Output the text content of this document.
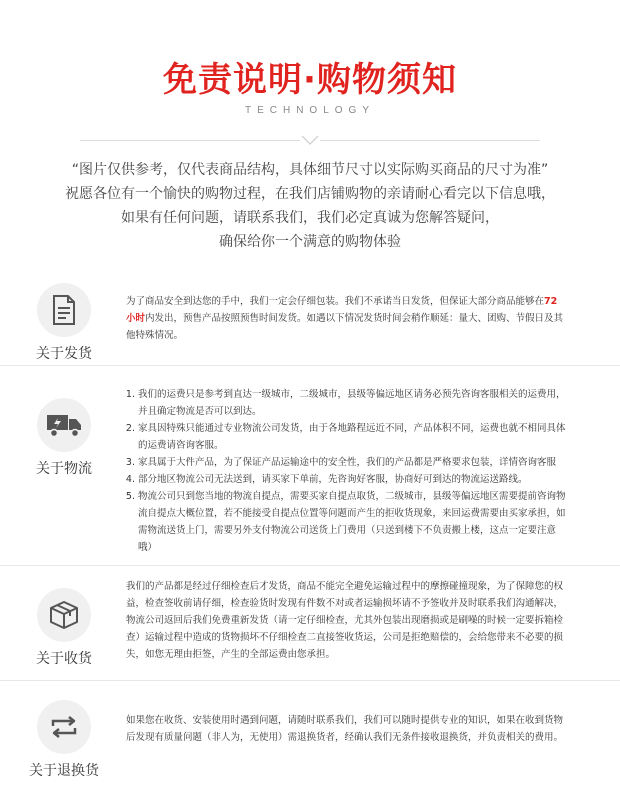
免责说明·购物须知
TECHNOLOGY
“图片仅供参考，仅代表商品结构，具体细节尺寸以实际购买商品的尺寸为准”
祝愿各位有一个愉快的购物过程，在我们店铺购物的亲请耐心看完以下信息哦，
如果有任何问题，请联系我们，我们必定真诚为您解答疑问，
确保给你一个满意的购物体验
关于发货
为了商品安全到达您的手中，我们一定会仔细包装。我们不承诺当日发货，但保证大部分商品能够在72小时内发出，预售产品按照预售时间发货。如遇以下情况发货时间会稍作顺延：量大、团购、节假日及其他特殊情况。
关于物流
1. 我们的运费只是参考到直达一级城市，二级城市，县级等偏远地区请务必预先咨询客服相关的运费用，并且确定物流是否可以到达。
2. 家具因特殊只能通过专业物流公司发货，由于各地路程远近不同，产品体积不同，运费也就不相同具体的运费请咨询客服。
3. 家具属于大件产品，为了保证产品运输途中的安全性，我们的产品都是严格要求包装，详情咨询客服
4. 部分地区物流公司无法送到，请买家下单前，先咨询好客服，协商好可到达的物流运送路线。
5. 物流公司只到您当地的物流自提点，需要买家自提点取货，二级城市，县级等偏远地区需要提前咨询物流自提点大概位置，若不能接受自提点位置等问题而产生的拒收货现象，来回运费需要由买家承担，如需物流送货上门，需要另外支付物流公司送货上门费用（只送到楼下不负责搬上楼，这点一定要注意哦）
关于收货
我们的产品都是经过仔细检查后才发货，商品不能完全避免运输过程中的摩擦碰撞现象，为了保障您的权益，检查签收前请仔细，检查验货时发现有件数不对或者运输损坏请不予签收并及时联系我们沟通解决，物流公司返回后我们免费重新发货（请一定仔细检查，尤其外包装出现磨损或是刷噪的时候一定要拆箱检查）运输过程中造成的货物损坏不仔细检查二直接签收货运，公司是拒绝赔偿的，会给您带来不必要的损失，如您无理由拒签，产生的全部运费由您承担。
关于退换货
如果您在收货、安装使用时遇到问题，请随时联系我们，我们可以随时提供专业的知识，如果在收到货物后发现有质量问题（非人为，无使用）需退换货者，经确认我们无条件接收退换货，并负责相关的费用。
